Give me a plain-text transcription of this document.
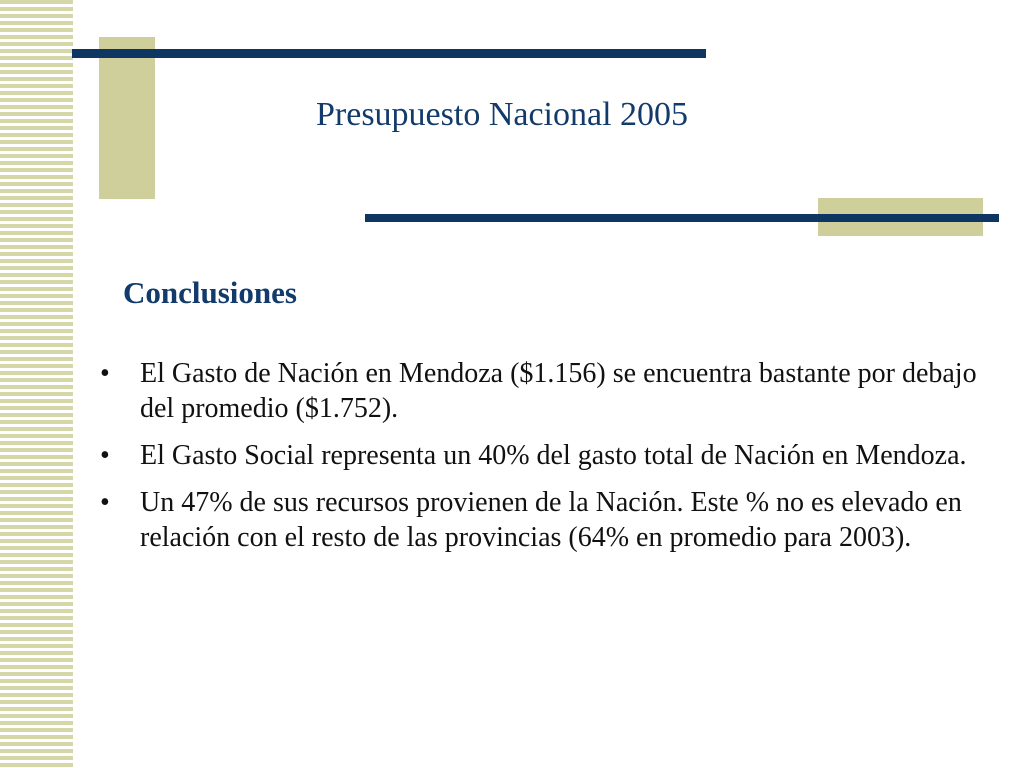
Presupuesto Nacional 2005
Conclusiones
• El Gasto de Nación en Mendoza ($1.156) se encuentra bastante por debajo del promedio ($1.752).
• El Gasto Social representa un 40% del gasto total de Nación en Mendoza.
• Un 47% de sus recursos provienen de la Nación. Este % no es elevado en relación con el resto de las provincias (64% en promedio para 2003).
